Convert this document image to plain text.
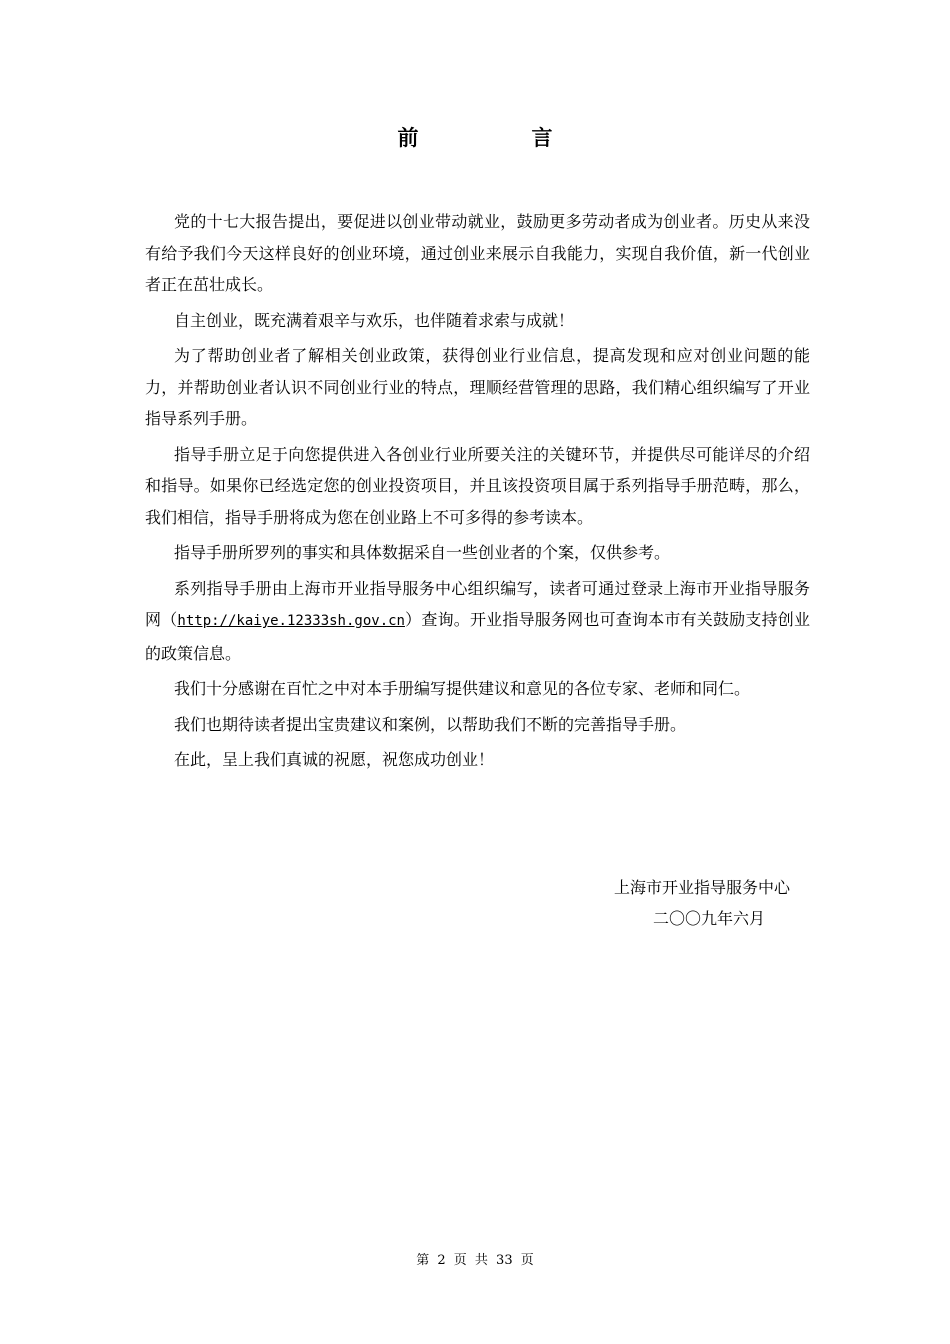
前　言

党的十七大报告提出，要促进以创业带动就业，鼓励更多劳动者成为创业者。历史从来没有给予我们今天这样良好的创业环境，通过创业来展示自我能力，实现自我价值，新一代创业者正在茁壮成长。

自主创业，既充满着艰辛与欢乐，也伴随着求索与成就！

为了帮助创业者了解相关创业政策，获得创业行业信息，提高发现和应对创业问题的能力，并帮助创业者认识不同创业行业的特点，理顺经营管理的思路，我们精心组织编写了开业指导系列手册。

指导手册立足于向您提供进入各创业行业所要关注的关键环节，并提供尽可能详尽的介绍和指导。如果你已经选定您的创业投资项目，并且该投资项目属于系列指导手册范畴，那么，我们相信，指导手册将成为您在创业路上不可多得的参考读本。

指导手册所罗列的事实和具体数据采自一些创业者的个案，仅供参考。

系列指导手册由上海市开业指导服务中心组织编写，读者可通过登录上海市开业指导服务网（http://kaiye.12333sh.gov.cn）查询。开业指导服务网也可查询本市有关鼓励支持创业的政策信息。

我们十分感谢在百忙之中对本手册编写提供建议和意见的各位专家、老师和同仁。

我们也期待读者提出宝贵建议和案例，以帮助我们不断的完善指导手册。

在此，呈上我们真诚的祝愿，祝您成功创业！

上海市开业指导服务中心
二〇〇九年六月
第 2 页 共 33 页
